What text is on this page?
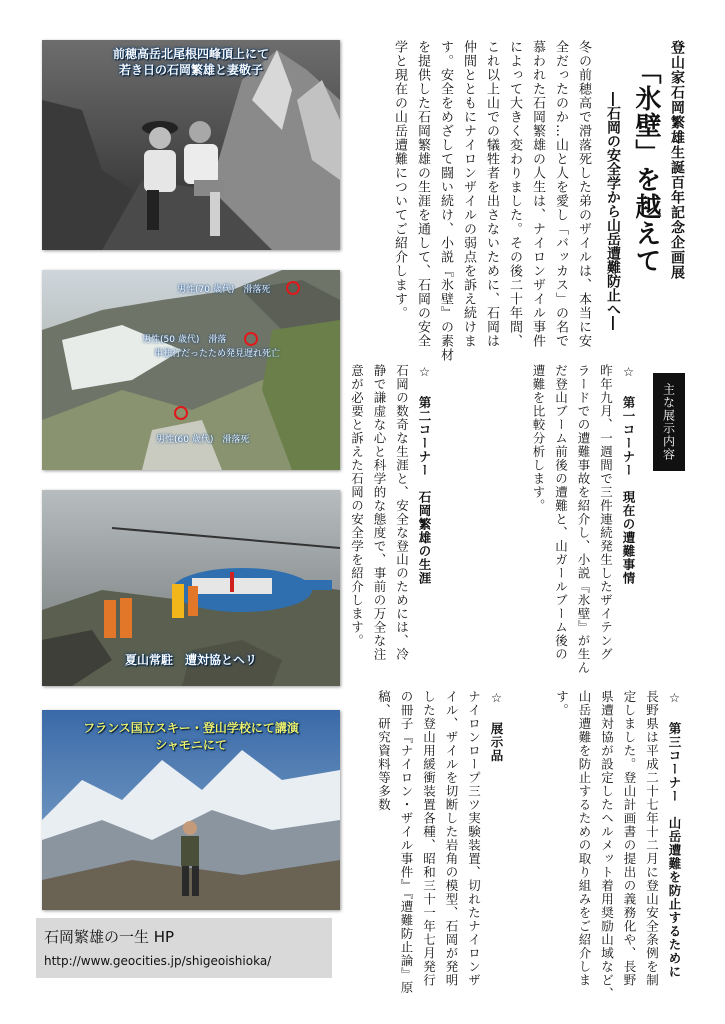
前穂高岳北尾根四峰頂上にて
若き日の石岡繁雄と妻敬子
男性(70 歳代)　滑落死
男性(50 歳代)　滑落
単独行だったため発見遅れ死亡
男性(60 歳代)　滑落死
夏山常駐　遭対協とヘリ
フランス国立スキー・登山学校にて講演
シャモニにて
石岡繁雄の一生 HP
http://www.geocities.jp/shigeoishioka/
登山家石岡繁雄生誕百年記念企画展
「氷壁」を越えて
―石岡の安全学から山岳遭難防止へ―

冬の前穂高で滑落死した弟のザイルは、本当に安

全だったのか…山と人を愛し「バッカス」の名で

慕われた石岡繁雄の人生は、ナイロンザイル事件

によって大きく変わりました。その後二十年間、

これ以上山での犠牲者を出さないために、石岡は

仲間とともにナイロンザイルの弱点を訴え続けま

す。安全をめざして闘い続け、小説『氷壁』の素材

を提供した石岡繁雄の生涯を通して、石岡の安全

学と現在の山岳遭難についてご紹介します。

主な展示内容

☆第一コーナー　現在の遭難事情

昨年九月、一週間で三件連続発生したザイテング

ラードでの遭難事故を紹介し、小説『氷壁』が生ん

だ登山ブーム前後の遭難と、山ガールブーム後の

遭難を比較分析します。

☆第二コーナー　石岡繁雄の生涯

石岡の数奇な生涯と、安全な登山のためには、冷

静で謙虚な心と科学的な態度で、事前の万全な注

意が必要と訴えた石岡の安全学を紹介します。

☆第三コーナー　山岳遭難を防止するために

長野県は平成二十七年十二月に登山安全条例を制

定しました。登山計画書の提出の義務化や、長野

県遭対協が設定したヘルメット着用奨励山域など、

山岳遭難を防止するための取り組みをご紹介しま

す。

☆展示品

ナイロンロープ三ツ実験装置、切れたナイロンザ

イル、ザイルを切断した岩角の模型、石岡が発明

した登山用緩衝装置各種、昭和三十一年七月発行

の冊子『ナイロン・ザイル事件』『遭難防止論』原

稿、研究資料等多数
